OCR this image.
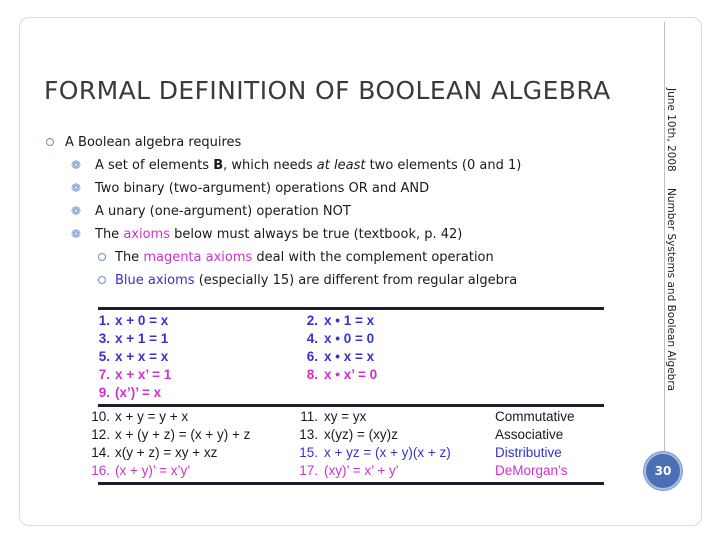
FORMAL DEFINITION OF BOOLEAN ALGEBRA	June 10th, 2008
Number Systems and Boolean Algebra
30
A Boolean algebra requires
❁ A set of elements B, which needs at least two elements (0 and 1)
❁ Two binary (two-argument) operations OR and AND
❁ A unary (one-argument) operation NOT
❁ The axioms below must always be true (textbook, p. 42)
The magenta axioms deal with the complement operation
Blue axioms (especially 15) are different from regular algebra
1. x + 0 = x	2. x • 1 = x
3. x + 1 = 1	4. x • 0 = 0
5. x + x = x	6. x • x = x
7. x + x’ = 1	8. x • x’ = 0
9. (x’)’ = x
10. x + y = y + x	11. xy = yx	Commutative
12. x + (y + z) = (x + y) + z	13. x(yz) = (xy)z	Associative
14. x(y + z) = xy + xz	15. x + yz = (x + y)(x + z)	Distributive
16. (x + y)’ = x’y’	17. (xy)’ = x’ + y’	DeMorgan’s
